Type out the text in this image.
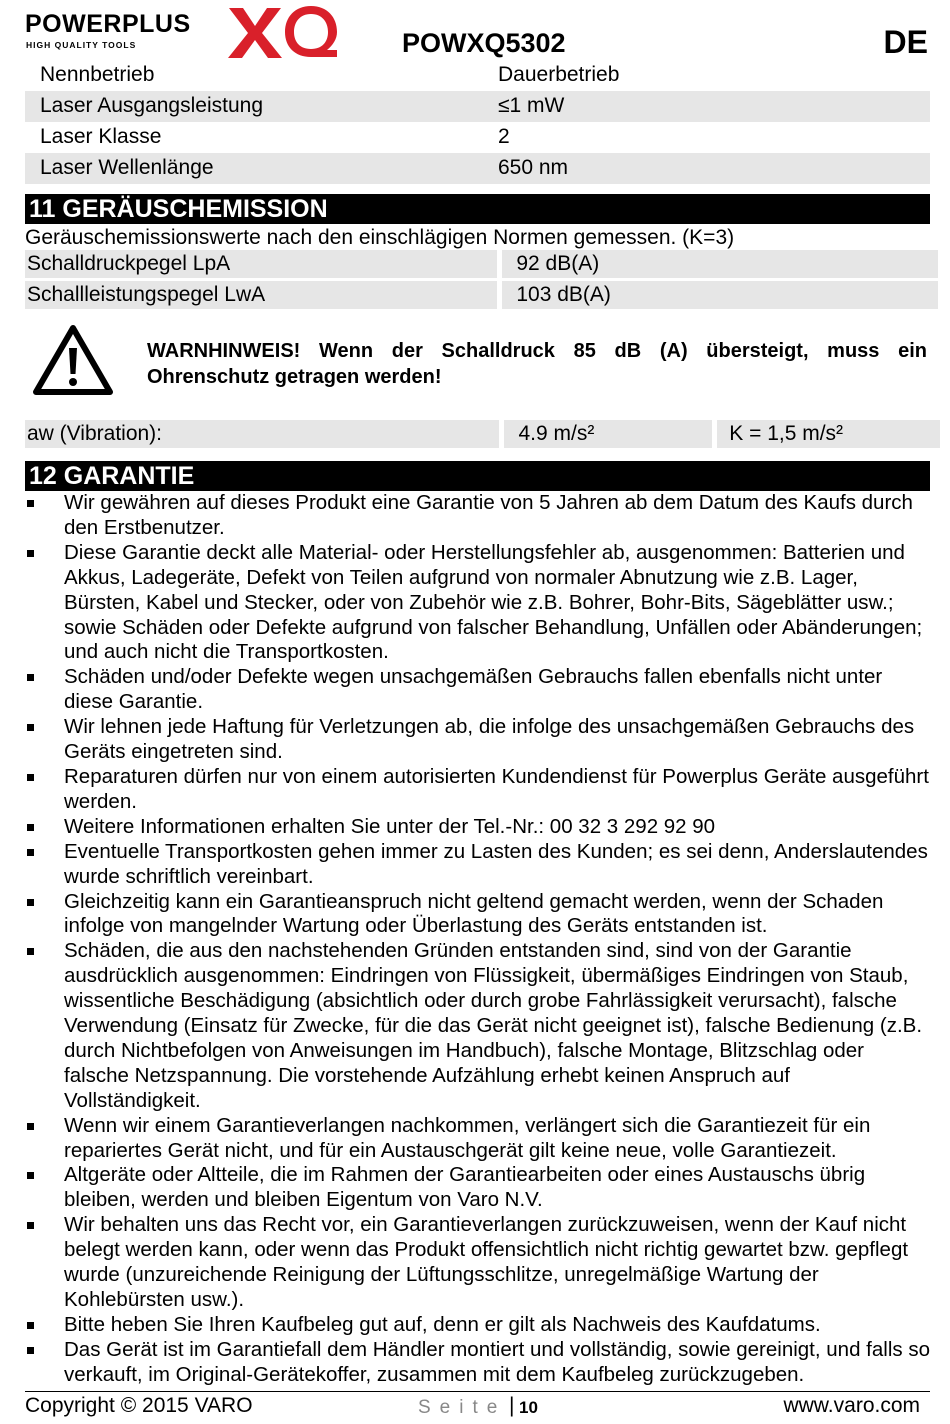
POWERPLUS
HIGH QUALITY TOOLS	POWXQ5302	DE
Nennbetrieb	Dauerbetrieb
Laser Ausgangsleistung	≤1 mW
Laser Klasse	2
Laser Wellenlänge	650 nm
11 GERÄUSCHEMISSION
Geräuschemissionswerte nach den einschlägigen Normen gemessen. (K=3)
Schalldruckpegel LpA	92 dB(A)
Schallleistungspegel LwA	103 dB(A)
WARNHINWEIS! Wenn der Schalldruck 85 dB (A) übersteigt, muss ein Ohrenschutz getragen werden!
aw (Vibration):	4.9 m/s²	K = 1,5 m/s²
12 GARANTIE
Wir gewähren auf dieses Produkt eine Garantie von 5 Jahren ab dem Datum des Kaufs durch den Erstbenutzer.
Diese Garantie deckt alle Material- oder Herstellungsfehler ab, ausgenommen: Batterien und Akkus, Ladegeräte, Defekt von Teilen aufgrund von normaler Abnutzung wie z.B. Lager, Bürsten, Kabel und Stecker, oder von Zubehör wie z.B. Bohrer, Bohr-Bits, Sägeblätter usw.; sowie Schäden oder Defekte aufgrund von falscher Behandlung, Unfällen oder Abänderungen; und auch nicht die Transportkosten.
Schäden und/oder Defekte wegen unsachgemäßen Gebrauchs fallen ebenfalls nicht unter diese Garantie.
Wir lehnen jede Haftung für Verletzungen ab, die infolge des unsachgemäßen Gebrauchs des Geräts eingetreten sind.
Reparaturen dürfen nur von einem autorisierten Kundendienst für Powerplus Geräte ausgeführt werden.
Weitere Informationen erhalten Sie unter der Tel.-Nr.: 00 32 3 292 92 90
Eventuelle Transportkosten gehen immer zu Lasten des Kunden; es sei denn, Anderslautendes wurde schriftlich vereinbart.
Gleichzeitig kann ein Garantieanspruch nicht geltend gemacht werden, wenn der Schaden infolge von mangelnder Wartung oder Überlastung des Geräts entstanden ist.
Schäden, die aus den nachstehenden Gründen entstanden sind, sind von der Garantie ausdrücklich ausgenommen: Eindringen von Flüssigkeit, übermäßiges Eindringen von Staub, wissentliche Beschädigung (absichtlich oder durch grobe Fahrlässigkeit verursacht), falsche Verwendung (Einsatz für Zwecke, für die das Gerät nicht geeignet ist), falsche Bedienung (z.B. durch Nichtbefolgen von Anweisungen im Handbuch), falsche Montage, Blitzschlag oder falsche Netzspannung. Die vorstehende Aufzählung erhebt keinen Anspruch auf Vollständigkeit.
Wenn wir einem Garantieverlangen nachkommen, verlängert sich die Garantiezeit für ein repariertes Gerät nicht, und für ein Austauschgerät gilt keine neue, volle Garantiezeit.
Altgeräte oder Altteile, die im Rahmen der Garantiearbeiten oder eines Austauschs übrig bleiben, werden und bleiben Eigentum von Varo N.V.
Wir behalten uns das Recht vor, ein Garantieverlangen zurückzuweisen, wenn der Kauf nicht belegt werden kann, oder wenn das Produkt offensichtlich nicht richtig gewartet bzw. gepflegt wurde (unzureichende Reinigung der Lüftungsschlitze, unregelmäßige Wartung der Kohlebürsten usw.).
Bitte heben Sie Ihren Kaufbeleg gut auf, denn er gilt als Nachweis des Kaufdatums.
Das Gerät ist im Garantiefall dem Händler montiert und vollständig, sowie gereinigt, und falls so verkauft, im Original-Gerätekoffer, zusammen mit dem Kaufbeleg zurückzugeben.
Copyright © 2015 VARO	Seite | 10	www.varo.com
